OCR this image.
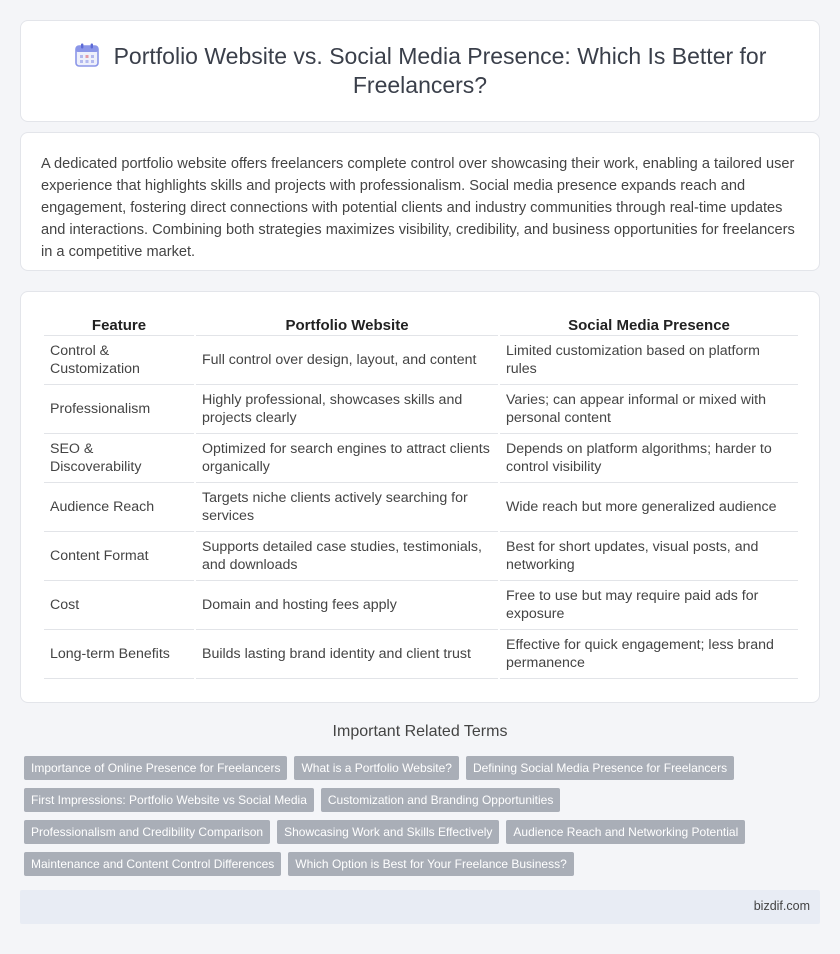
Portfolio Website vs. Social Media Presence: Which Is Better for Freelancers?

A dedicated portfolio website offers freelancers complete control over showcasing their work, enabling a tailored user experience that highlights skills and projects with professionalism. Social media presence expands reach and engagement, fostering direct connections with potential clients and industry communities through real-time updates and interactions. Combining both strategies maximizes visibility, credibility, and business opportunities for freelancers in a competitive market.

Feature	Portfolio Website	Social Media Presence
Control & Customization	Full control over design, layout, and content	Limited customization based on platform rules
Professionalism	Highly professional, showcases skills and projects clearly	Varies; can appear informal or mixed with personal content
SEO & Discoverability	Optimized for search engines to attract clients organically	Depends on platform algorithms; harder to control visibility
Audience Reach	Targets niche clients actively searching for services	Wide reach but more generalized audience
Content Format	Supports detailed case studies, testimonials, and downloads	Best for short updates, visual posts, and networking
Cost	Domain and hosting fees apply	Free to use but may require paid ads for exposure
Long-term Benefits	Builds lasting brand identity and client trust	Effective for quick engagement; less brand permanence
Important Related Terms
Importance of Online Presence for Freelancers	What is a Portfolio Website?	Defining Social Media Presence for Freelancers
First Impressions: Portfolio Website vs Social Media	Customization and Branding Opportunities
Professionalism and Credibility Comparison	Showcasing Work and Skills Effectively	Audience Reach and Networking Potential
Maintenance and Content Control Differences	Which Option is Best for Your Freelance Business?
bizdif.com
